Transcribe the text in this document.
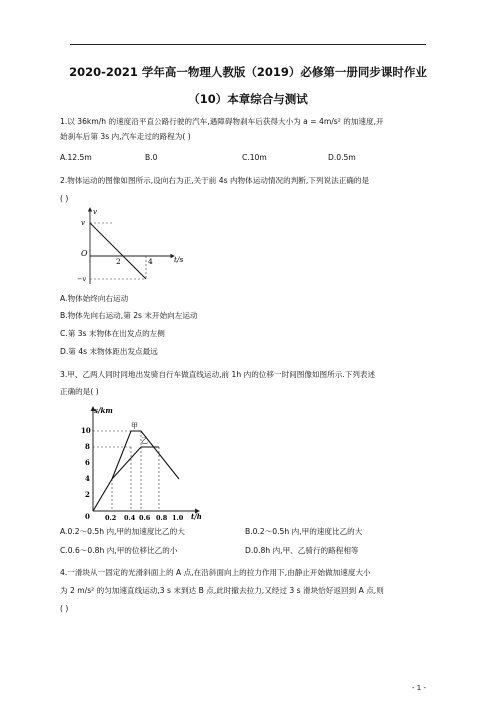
2020-2021 学年高一物理人教版（2019）必修第一册同步课时作业
（10）本章综合与测试
1.以 36km/h 的速度沿平直公路行驶的汽车,遇障碍物刹车后获得大小为 a = 4m/s² 的加速度,开
始刹车后第 3s 内,汽车走过的路程为( )
A.12.5m	B.0	C.10m	D.0.5m
2.物体运动的图像如图所示,设向右为正,关于前 4s 内物体运动情况的判断,下列说法正确的是
( )
v
v
−v
O
2	4	t/s
A.物体始终向右运动
B.物体先向右运动,第 2s 末开始向左运动
C.第 3s 末物体在出发点的左侧
D.第 4s 末物体距出发点最远
3.甲、乙两人同时同地出发骑自行车做直线运动,前 1h 内的位移一时间图像如图所示.下列表述
正确的是( )
s/km
10
8
6
4
2
0 0.2 0.4 0.6 0.8 1.0 t/h
甲
乙
A.0.2～0.5h 内,甲的加速度比乙的大	B.0.2～0.5h 内,甲的速度比乙的大
C.0.6～0.8h 内,甲的位移比乙的小	D.0.8h 内,甲、乙骑行的路程相等
4.一滑块从一固定的光滑斜面上的 A 点,在沿斜面向上的拉力作用下,由静止开始做加速度大小
为 2 m/s² 的匀加速直线运动,3 s 末到达 B 点,此时撤去拉力,又经过 3 s 滑块恰好返回到 A 点,则
( )
- 1 -
